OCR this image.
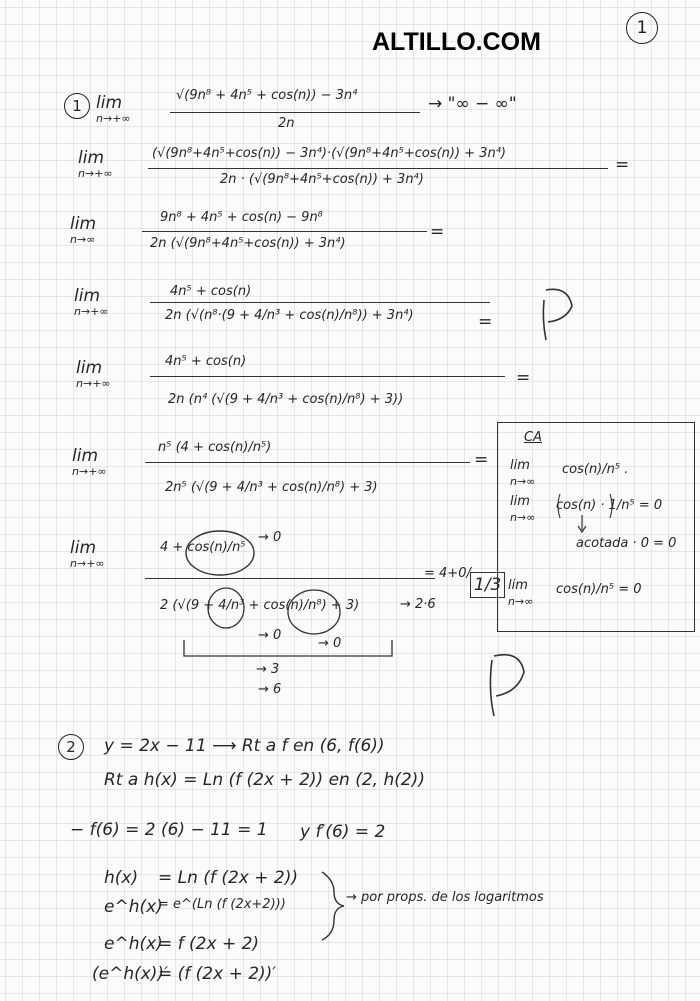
ALTILLO.COM	1
1 lim
n→+∞
√(9n⁸ + 4n⁵ + cos(n)) − 3n⁴
2n
→ "∞ − ∞"
lim
n→+∞
(√(9n⁸+4n⁵+cos(n)) − 3n⁴)·(√(9n⁸+4n⁵+cos(n)) + 3n⁴)
2n · (√(9n⁸+4n⁵+cos(n)) + 3n⁴)
=
lim
n→∞
9n⁸ + 4n⁵ + cos(n) − 9n⁸
2n (√(9n⁸+4n⁵+cos(n)) + 3n⁴)
=
lim
n→+∞
4n⁵ + cos(n)
2n (√(n⁸·(9 + 4/n³ + cos(n)/n⁸)) + 3n⁴)	=
lim
n→+∞
4n⁵ + cos(n)
2n (n⁴ (√(9 + 4/n³ + cos(n)/n⁸) + 3))
=
lim
n→+∞
n⁵ (4 + cos(n)/n⁵)
2n⁵ (√(9 + 4/n³ + cos(n)/n⁸) + 3)
=
lim
n→+∞
4 + cos(n)/n⁵
→ 0
2 (√(9 + 4/n³ + cos(n)/n⁸) + 3)
→ 0
→ 0
→ 3
→ 6
→ 2·6
= 4+0/
1/3
CA
lim
n→∞
cos(n)/n⁵ .
lim
n→∞
cos(n) · 1/n⁵ = 0
acotada · 0 = 0
lim
n→∞
cos(n)/n⁵ = 0
2	y = 2x − 11 ⟶ Rt a f en (6, f(6))
Rt a h(x) = Ln (f (2x + 2)) en (2, h(2))
− f(6) = 2 (6) − 11 = 1 y f′(6) = 2
h(x) = Ln (f (2x + 2))
e^h(x)
= e^(Ln (f (2x+2)))
e^h(x)
= f (2x + 2)
(e^h(x))′
= (f (2x + 2))′
→ por props. de los logaritmos
